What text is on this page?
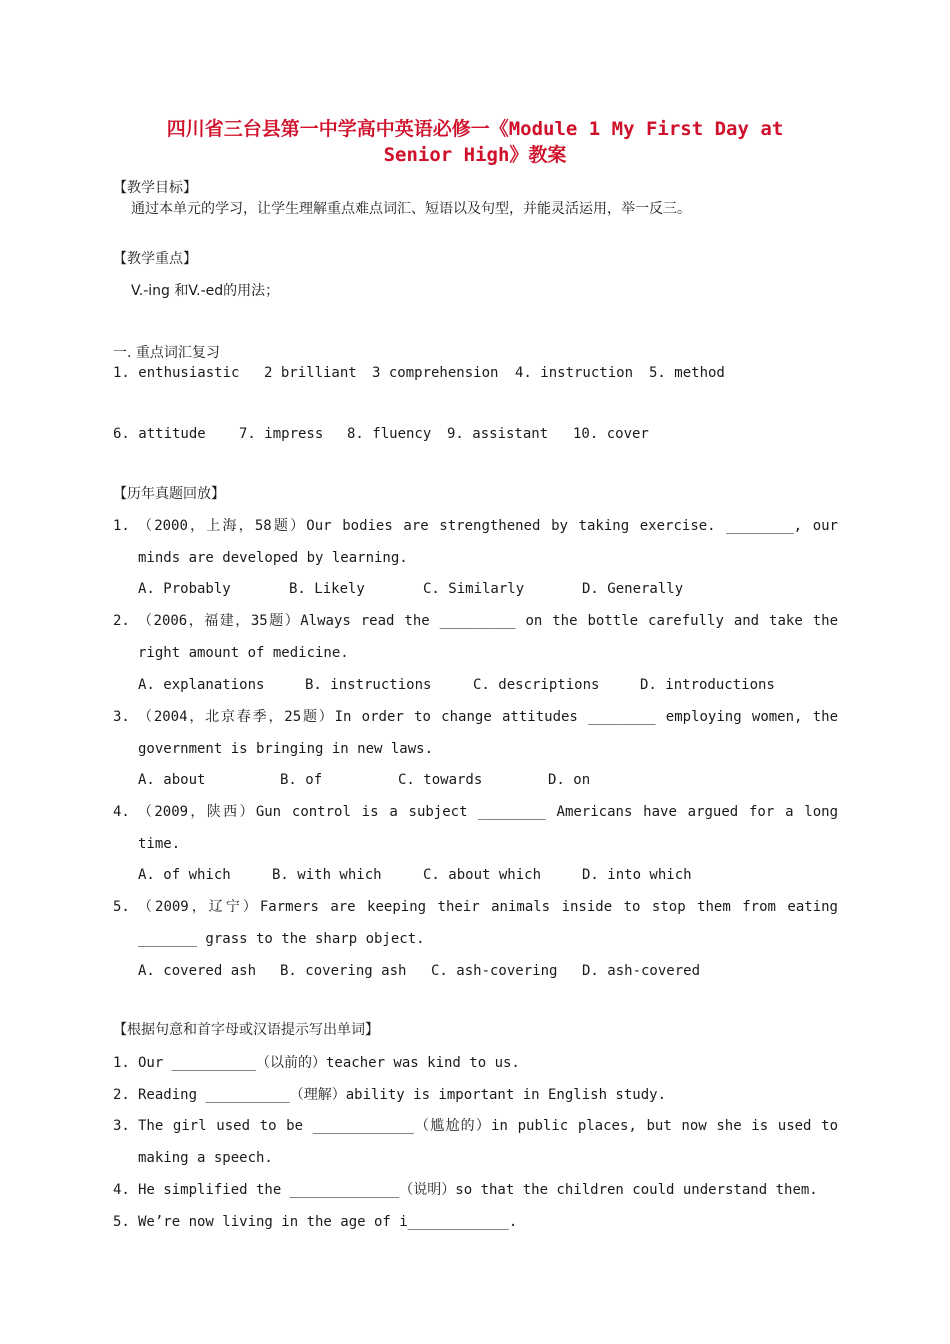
四川省三台县第一中学高中英语必修一《Module 1 My First Day at
Senior High》教案
【教学目标】
通过本单元的学习，让学生理解重点难点词汇、短语以及句型，并能灵活运用，举一反三。
【教学重点】
V.-ing 和V.-ed的用法；
一. 重点词汇复习
1. enthusiastic 2 brilliant 3 comprehension 4. instruction 5. method
6. attitude 7. impress 8. fluency 9. assistant 10. cover
【历年真题回放】
1. （2000，上海，58题）Our bodies are strengthened by taking exercise. ________, our
minds are developed by learning.
A. Probably	B. Likely	C. Similarly	D. Generally
2. （2006，福建，35题）Always read the _________ on the bottle carefully and take the
right amount of medicine.
A. explanations	B. instructions	C. descriptions	D. introductions
3. （2004，北京春季，25题）In order to change attitudes ________ employing women, the
government is bringing in new laws.
A. about	B. of	C. towards	D. on
4. （2009，陕西）Gun control is a subject ________ Americans have argued for a long
time.
A. of which	B. with which	C. about which	D. into which
5. （2009，辽宁）Farmers are keeping their animals inside to stop them from eating
_______ grass to the sharp object.
A. covered ash B. covering ash C. ash-covering D. ash-covered
【根据句意和首字母或汉语提示写出单词】
1. Our __________（以前的）teacher was kind to us.
2. Reading __________（理解）ability is important in English study.
3. The girl used to be ____________（尴尬的）in public places, but now she is used to
making a speech.
4. He simplified the _____________（说明）so that the children could understand them.
5. We’re now living in the age of i____________.
